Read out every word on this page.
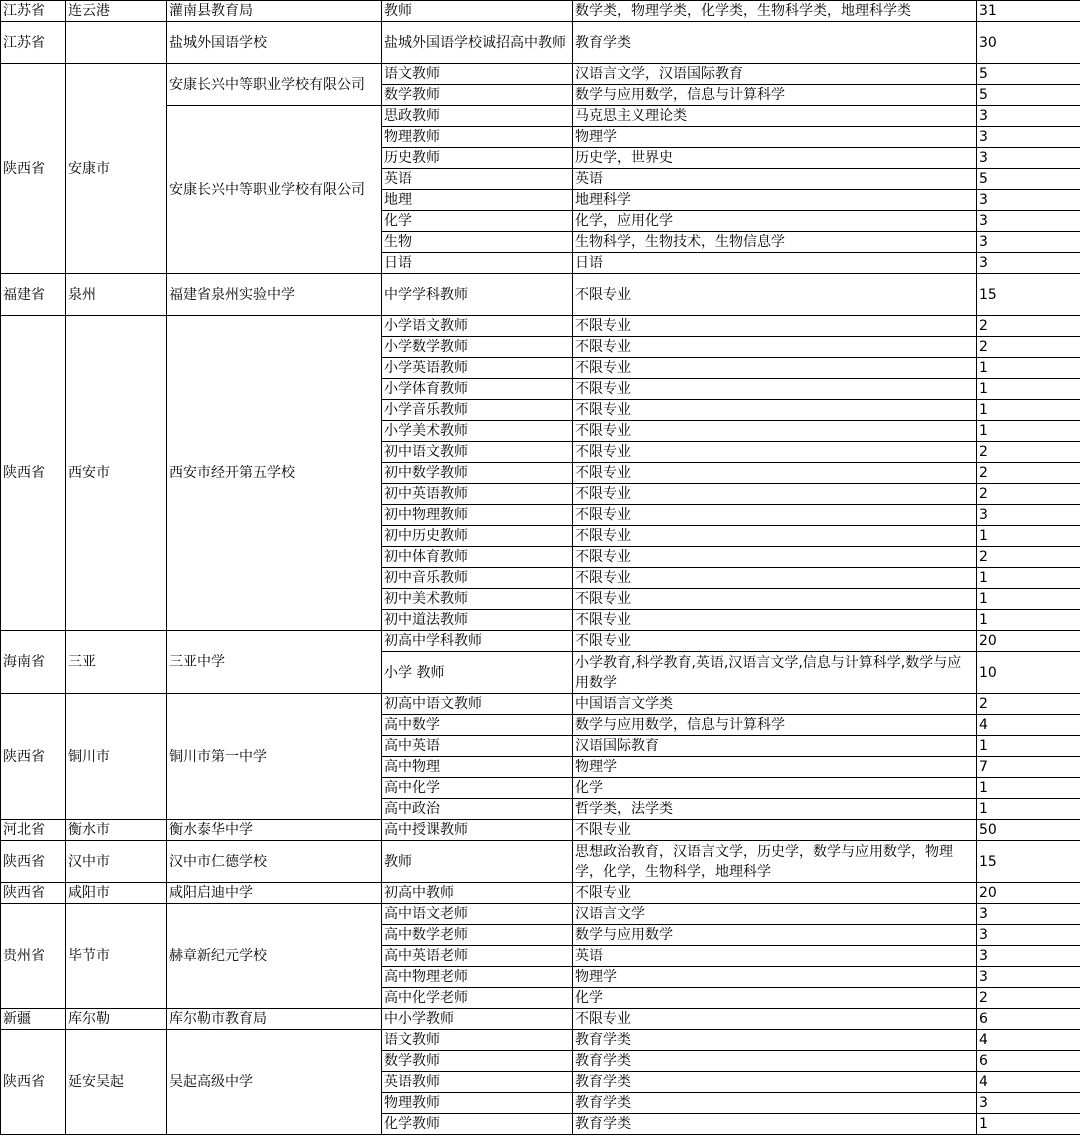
江苏省	连云港	灌南县教育局	教师	数学类，物理学类，化学类，生物科学类，地理科学类	31
江苏省		盐城外国语学校	盐城外国语学校诚招高中教师	教育学类	30
陕西省	安康市	安康长兴中等职业学校有限公司	语文教师	汉语言文学，汉语国际教育	5
			数学教师	数学与应用数学，信息与计算科学	5
		安康长兴中等职业学校有限公司	思政教师	马克思主义理论类	3
			物理教师	物理学	3
			历史教师	历史学，世界史	3
			英语	英语	5
			地理	地理科学	3
			化学	化学，应用化学	3
			生物	生物科学，生物技术，生物信息学	3
			日语	日语	3
福建省	泉州	福建省泉州实验中学	中学学科教师	不限专业	15
陕西省	西安市	西安市经开第五学校	小学语文教师	不限专业	2
			小学数学教师	不限专业	2
			小学英语教师	不限专业	1
			小学体育教师	不限专业	1
			小学音乐教师	不限专业	1
			小学美术教师	不限专业	1
			初中语文教师	不限专业	2
			初中数学教师	不限专业	2
			初中英语教师	不限专业	2
			初中物理教师	不限专业	3
			初中历史教师	不限专业	1
			初中体育教师	不限专业	2
			初中音乐教师	不限专业	1
			初中美术教师	不限专业	1
			初中道法教师	不限专业	1
海南省	三亚	三亚中学	初高中学科教师	不限专业	20
			小学 教师	小学教育,科学教育,英语,汉语言文学,信息与计算科学,数学与应用数学	10
陕西省	铜川市	铜川市第一中学	初高中语文教师	中国语言文学类	2
			高中数学	数学与应用数学，信息与计算科学	4
			高中英语	汉语国际教育	1
			高中物理	物理学	7
			高中化学	化学	1
			高中政治	哲学类，法学类	1
河北省	衡水市	衡水泰华中学	高中授课教师	不限专业	50
陕西省	汉中市	汉中市仁德学校	教师	思想政治教育，汉语言文学，历史学，数学与应用数学，物理学，化学，生物科学，地理科学	15
陕西省	咸阳市	咸阳启迪中学	初高中教师	不限专业	20
贵州省	毕节市	赫章新纪元学校	高中语文老师	汉语言文学	3
			高中数学老师	数学与应用数学	3
			高中英语老师	英语	3
			高中物理老师	物理学	3
			高中化学老师	化学	2
新疆	库尔勒	库尔勒市教育局	中小学教师	不限专业	6
陕西省	延安吴起	吴起高级中学	语文教师	教育学类	4
			数学教师	教育学类	6
			英语教师	教育学类	4
			物理教师	教育学类	3
			化学教师	教育学类	1
